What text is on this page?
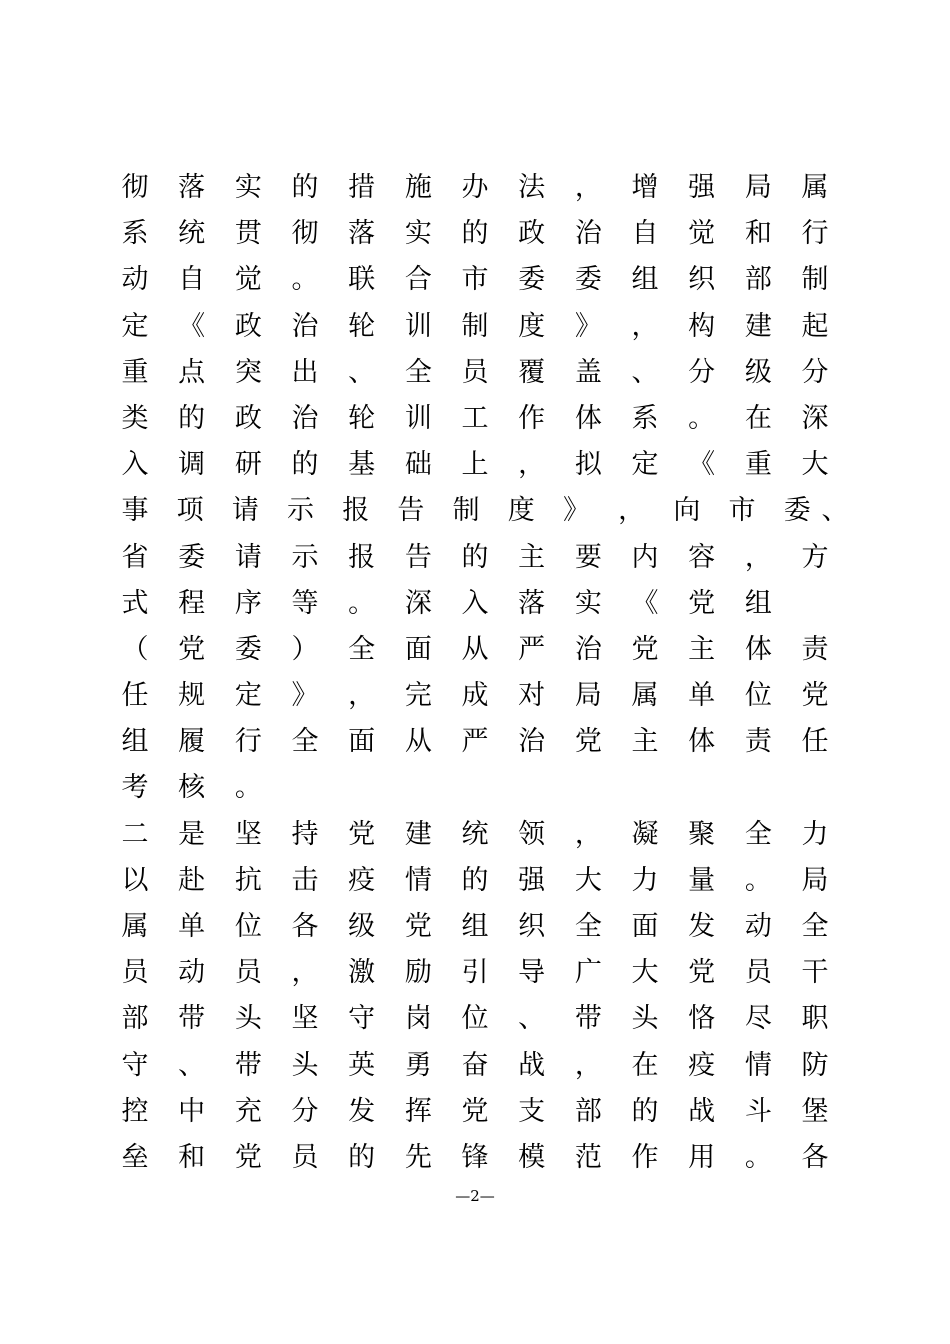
彻 落 实 的 措 施 办 法 ， 增 强 局 属
系 统 贯 彻 落 实 的 政 治 自 觉 和 行
动 自 觉 。 联 合 市 委 委 组 织 部 制
定 《 政 治 轮 训 制 度 》 ， 构 建 起
重 点 突 出 、 全 员 覆 盖 、 分 级 分
类 的 政 治 轮 训 工 作 体 系 。 在 深
入 调 研 的 基 础 上 ， 拟 定 《 重 大
事 项 请 示 报 告 制 度 》 ， 向 市 委 、
省 委 请 示 报 告 的 主 要 内 容 ， 方
式 程 序 等 。 深 入 落 实 《 党 组
（ 党 委 ） 全 面 从 严 治 党 主 体 责
任 规 定 》 ， 完 成 对 局 属 单 位 党
组 履 行 全 面 从 严 治 党 主 体 责 任
考 核 。
二 是 坚 持 党 建 统 领 ， 凝 聚 全 力
以 赴 抗 击 疫 情 的 强 大 力 量 。 局
属 单 位 各 级 党 组 织 全 面 发 动 全
员 动 员 ， 激 励 引 导 广 大 党 员 干
部 带 头 坚 守 岗 位 、 带 头 恪 尽 职
守 、 带 头 英 勇 奋 战 ， 在 疫 情 防
控 中 充 分 发 挥 党 支 部 的 战 斗 堡
垒 和 党 员 的 先 锋 模 范 作 用 。 各
—2—
